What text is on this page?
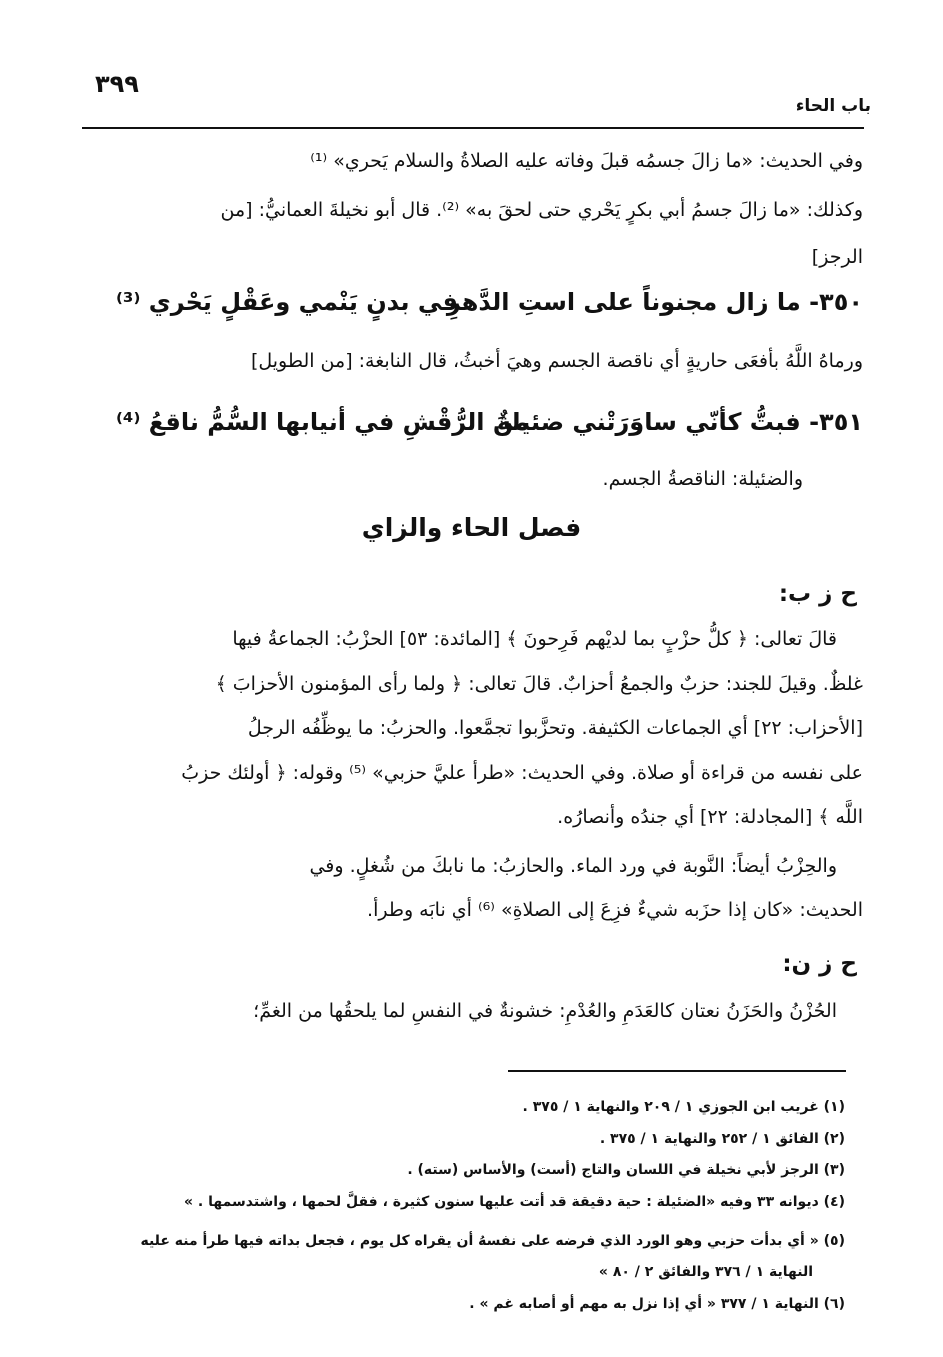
٣٩٩
باب الحاء
وفي الحديث: «ما زالَ جسمُه قبلَ وفاته عليه الصلاةُ والسلام يَحري» ⁽¹⁾
وكذلك: «ما زالَ جسمُ أبي بكرٍ يَحْري حتى لحقَ به» ⁽²⁾. قال أبو نخيلةَ العمانيُّ: [من
الرجز]
٣٥٠- ما زال مجنوناً على استِ الدَّهرِ
في بدنٍ يَنْمي وعَقْلٍ يَحْري ⁽³⁾
ورماهُ اللَّهُ بأفعَى حاريةٍ أي ناقصة الجسم وهيَ أخبثُ، قال النابغة: [من الطويل]
٣٥١- فبتُّ كأنّي ساوَرَتْني ضئيلةٌ
منَ الرُّقْشِ في أنيابها السُّمُّ ناقعُ ⁽⁴⁾
والضئيلة: الناقصةُ الجسم.
فصل الحاء والزاي
ح ز ب:
قالَ تعالى: ﴿ كلُّ حزْبٍ بما لديْهم فَرِحونَ ﴾ [المائدة: ٥٣] الحزْبُ: الجماعةُ فيها
غلظٌ. وقيلَ للجند: حزبٌ والجمعُ أحزابٌ. قالَ تعالى: ﴿ ولما رأى المؤمنون الأحزابَ ﴾
[الأحزاب: ٢٢] أي الجماعات الكثيفة. وتحزَّبوا تجمَّعوا. والحزبُ: ما يوظِّفُه الرجلُ
على نفسه من قراءة أو صلاة. وفي الحديث: «طرأ عليَّ حزبي» ⁽⁵⁾ وقوله: ﴿ أولئك حزبُ
اللَّه ﴾ [المجادلة: ٢٢] أي جندُه وأنصارُه.
والحِزْبُ أيضاً: النَّوبة في ورد الماء. والحازبُ: ما نابكَ من شُغلٍ. وفي
الحديث: «كان إذا حزَبه شيءٌ فزِعَ إلى الصلاةِ» ⁽⁶⁾ أي نابَه وطرأ.
ح ز ن:
الحُزْنُ والحَزَنُ نعتان كالعَدَمِ والعُدْمِ: خشونةٌ في النفسِ لما يلحقُها من الغمِّ؛
(١) غريب ابن الجوزي ١ / ٢٠٩ والنهاية ١ / ٣٧٥ .
(٢) الفائق ١ / ٢٥٢ والنهاية ١ / ٣٧٥ .
(٣) الرجز لأبي نخيلة في اللسان والتاج (أست) والأساس (سته) .
(٤) ديوانه ٣٣ وفيه «الضئيلة : حية دقيقة قد أتت عليها سنون كثيرة ، فقلَّ لحمها ، واشتدسمها . »
(٥) « أي بدأت حزبي وهو الورد الذي فرضه على نفسهُ أن يقراه كل يوم ، فجعل بداته فيها طرأ منه عليه
النهاية ١ / ٣٧٦ والفائق ٢ / ٨٠ »
(٦) النهاية ١ / ٣٧٧ « أي إذا نزل به مهم أو أصابه غم » .
